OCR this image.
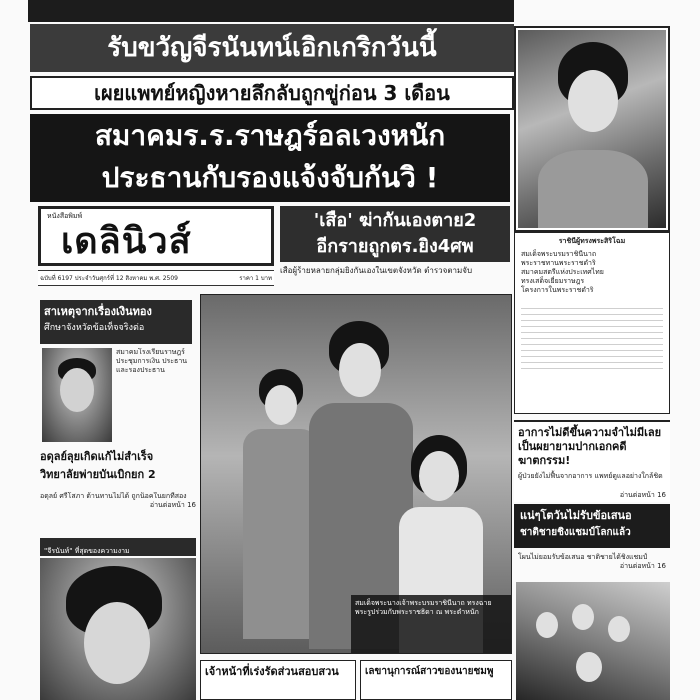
รับขวัญจีรนันทน์เอิกเกริกวันนี้
เผยแพทย์หญิงหายลึกลับถูกขู่ก่อน 3 เดือน
สมาคมร.ร.ราษฎร์อลเวงหนัก
ประธานกับรองแจ้งจับกันวิ !
หนังสือพิมพ์
เดลินิวส์
ฉบับที่ 6197 ประจำวันศุกร์ที่ 12 สิงหาคม พ.ศ. 2509	ราคา 1 บาท
'เสือ' ฆ่ากันเองตาย2
อีกรายถูกตร.ยิง4ศพ
เสือผู้ร้ายหลายกลุ่มยิงกันเองในเขตจังหวัด ตำรวจตามจับ
ราชินีผู้ทรงพระสิริโฉม
สมเด็จพระบรมราชินีนาถ
พระราชทานพระราชดำริ
สมาคมสตรีแห่งประเทศไทย
ทรงเสด็จเยี่ยมราษฎร
โครงการในพระราชดำริ
อาการไม่ดีขึ้นความจำไม่มีเลย
เป็นผยายามปากเอกคดีฆาตกรรม!
ผู้ป่วยยังไม่ฟื้นจากอาการ แพทย์ดูแลอย่างใกล้ชิด
อ่านต่อหน้า 16
แน่ๆโตวันไม่รับข้อเสนอ
ชาติชายชิงแชมป์โลกแล้ว
โผนไม่ยอมรับข้อเสนอ ชาติชายได้ชิงแชมป์
อ่านต่อหน้า 16
สาเหตุจากเรื่องเงินทอง
ศึกษาจังหวัดข้อเท็จจริงต่อ
สมาคมโรงเรียนราษฎร์ ประชุมการเงิน ประธานและรองประธาน
อดุลย์ลุยเกิดแก้ไม่สำเร็จ
วิทยาลัยพ่ายบันเบิกยก 2
อดุลย์ ศรีโสภา ต้านทานไม่ได้ ถูกน็อคในยกที่สอง
อ่านต่อหน้า 16
"จีรนันท์" ที่สุดของความงาม
สมเด็จพระนางเจ้าพระบรมราชินีนาถ ทรงฉายพระรูปร่วมกับพระราชธิดา ณ พระตำหนัก
เจ้าหน้าที่เร่งรัดส่วนสอบสวน	เลขานุการณ์สาวของนายชมพู
